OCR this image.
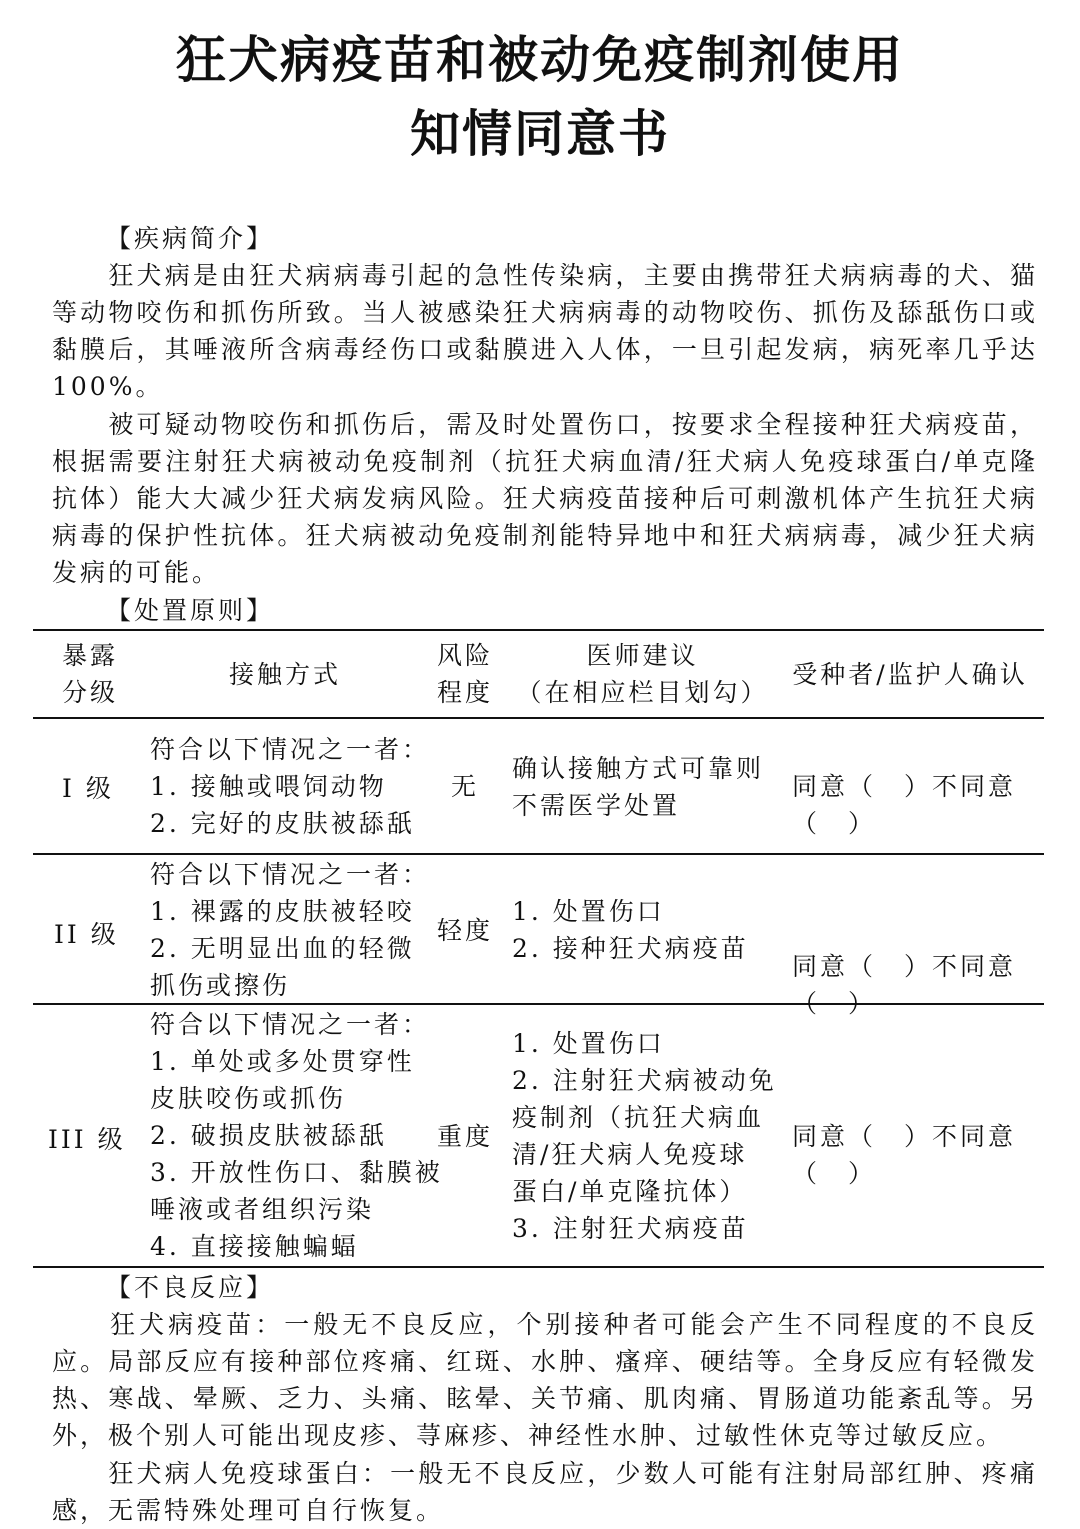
狂犬病疫苗和被动免疫制剂使用
知情同意书
【疾病简介】

　　狂犬病是由狂犬病病毒引起的急性传染病，主要由携带狂犬病病毒的犬、猫等动物咬伤和抓伤所致。当人被感染狂犬病病毒的动物咬伤、抓伤及舔舐伤口或黏膜后，其唾液所含病毒经伤口或黏膜进入人体，一旦引起发病，病死率几乎达100%。

　　被可疑动物咬伤和抓伤后，需及时处置伤口，按要求全程接种狂犬病疫苗，根据需要注射狂犬病被动免疫制剂（抗狂犬病血清/狂犬病人免疫球蛋白/单克隆抗体）能大大减少狂犬病发病风险。狂犬病疫苗接种后可刺激机体产生抗狂犬病病毒的保护性抗体。狂犬病被动免疫制剂能特异地中和狂犬病病毒，减少狂犬病发病的可能。

【处置原则】
暴露
分级
接触方式
风险
程度
医师建议
（在相应栏目划勾）
受种者/监护人确认
I 级
符合以下情况之一者：
1. 接触或喂饲动物
2. 完好的皮肤被舔舐
无
确认接触方式可靠则
不需医学处置
同意（　）不同意（　）
II 级
符合以下情况之一者：
1. 裸露的皮肤被轻咬
2. 无明显出血的轻微
抓伤或擦伤
轻度
1. 处置伤口
2. 接种狂犬病疫苗
同意（　）不同意（　）
III 级
符合以下情况之一者：
1. 单处或多处贯穿性
皮肤咬伤或抓伤
2. 破损皮肤被舔舐
3. 开放性伤口、黏膜被
唾液或者组织污染
4. 直接接触蝙蝠
重度
1. 处置伤口
2. 注射狂犬病被动免
疫制剂（抗狂犬病血
清/狂犬病人免疫球
蛋白/单克隆抗体）
3. 注射狂犬病疫苗
同意（　）不同意（　）
【不良反应】

　　狂犬病疫苗：一般无不良反应，个别接种者可能会产生不同程度的不良反应。局部反应有接种部位疼痛、红斑、水肿、瘙痒、硬结等。全身反应有轻微发热、寒战、晕厥、乏力、头痛、眩晕、关节痛、肌肉痛、胃肠道功能紊乱等。另外，极个别人可能出现皮疹、荨麻疹、神经性水肿、过敏性休克等过敏反应。

　　狂犬病人免疫球蛋白：一般无不良反应，少数人可能有注射局部红肿、疼痛感，无需特殊处理可自行恢复。
